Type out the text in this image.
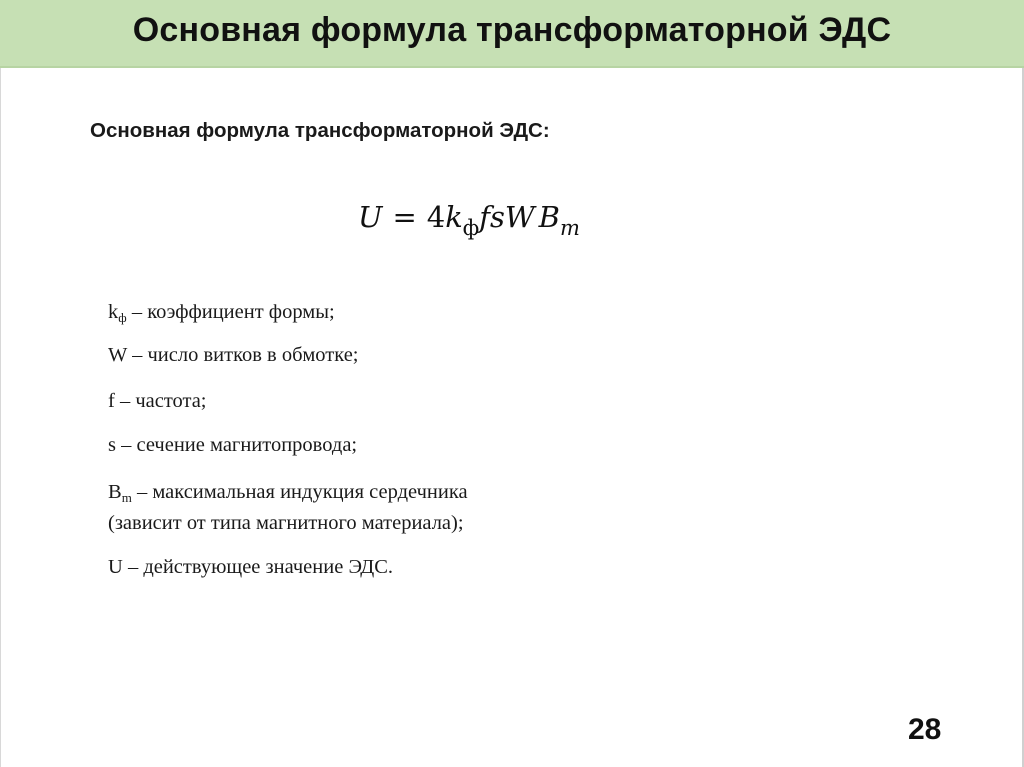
Основная формула трансформаторной ЭДС
Основная формула трансформаторной ЭДС:
$U = 4k_фfsW$ $B_m$
$k_ф$ – коэффициент формы;
W – число витков в обмотке;
f – частота;
s – сечение магнитопровода;
$B_m$ – максимальная индукция сердечника
(зависит от типа магнитного материала);
U – действующее значение ЭДС.
28
